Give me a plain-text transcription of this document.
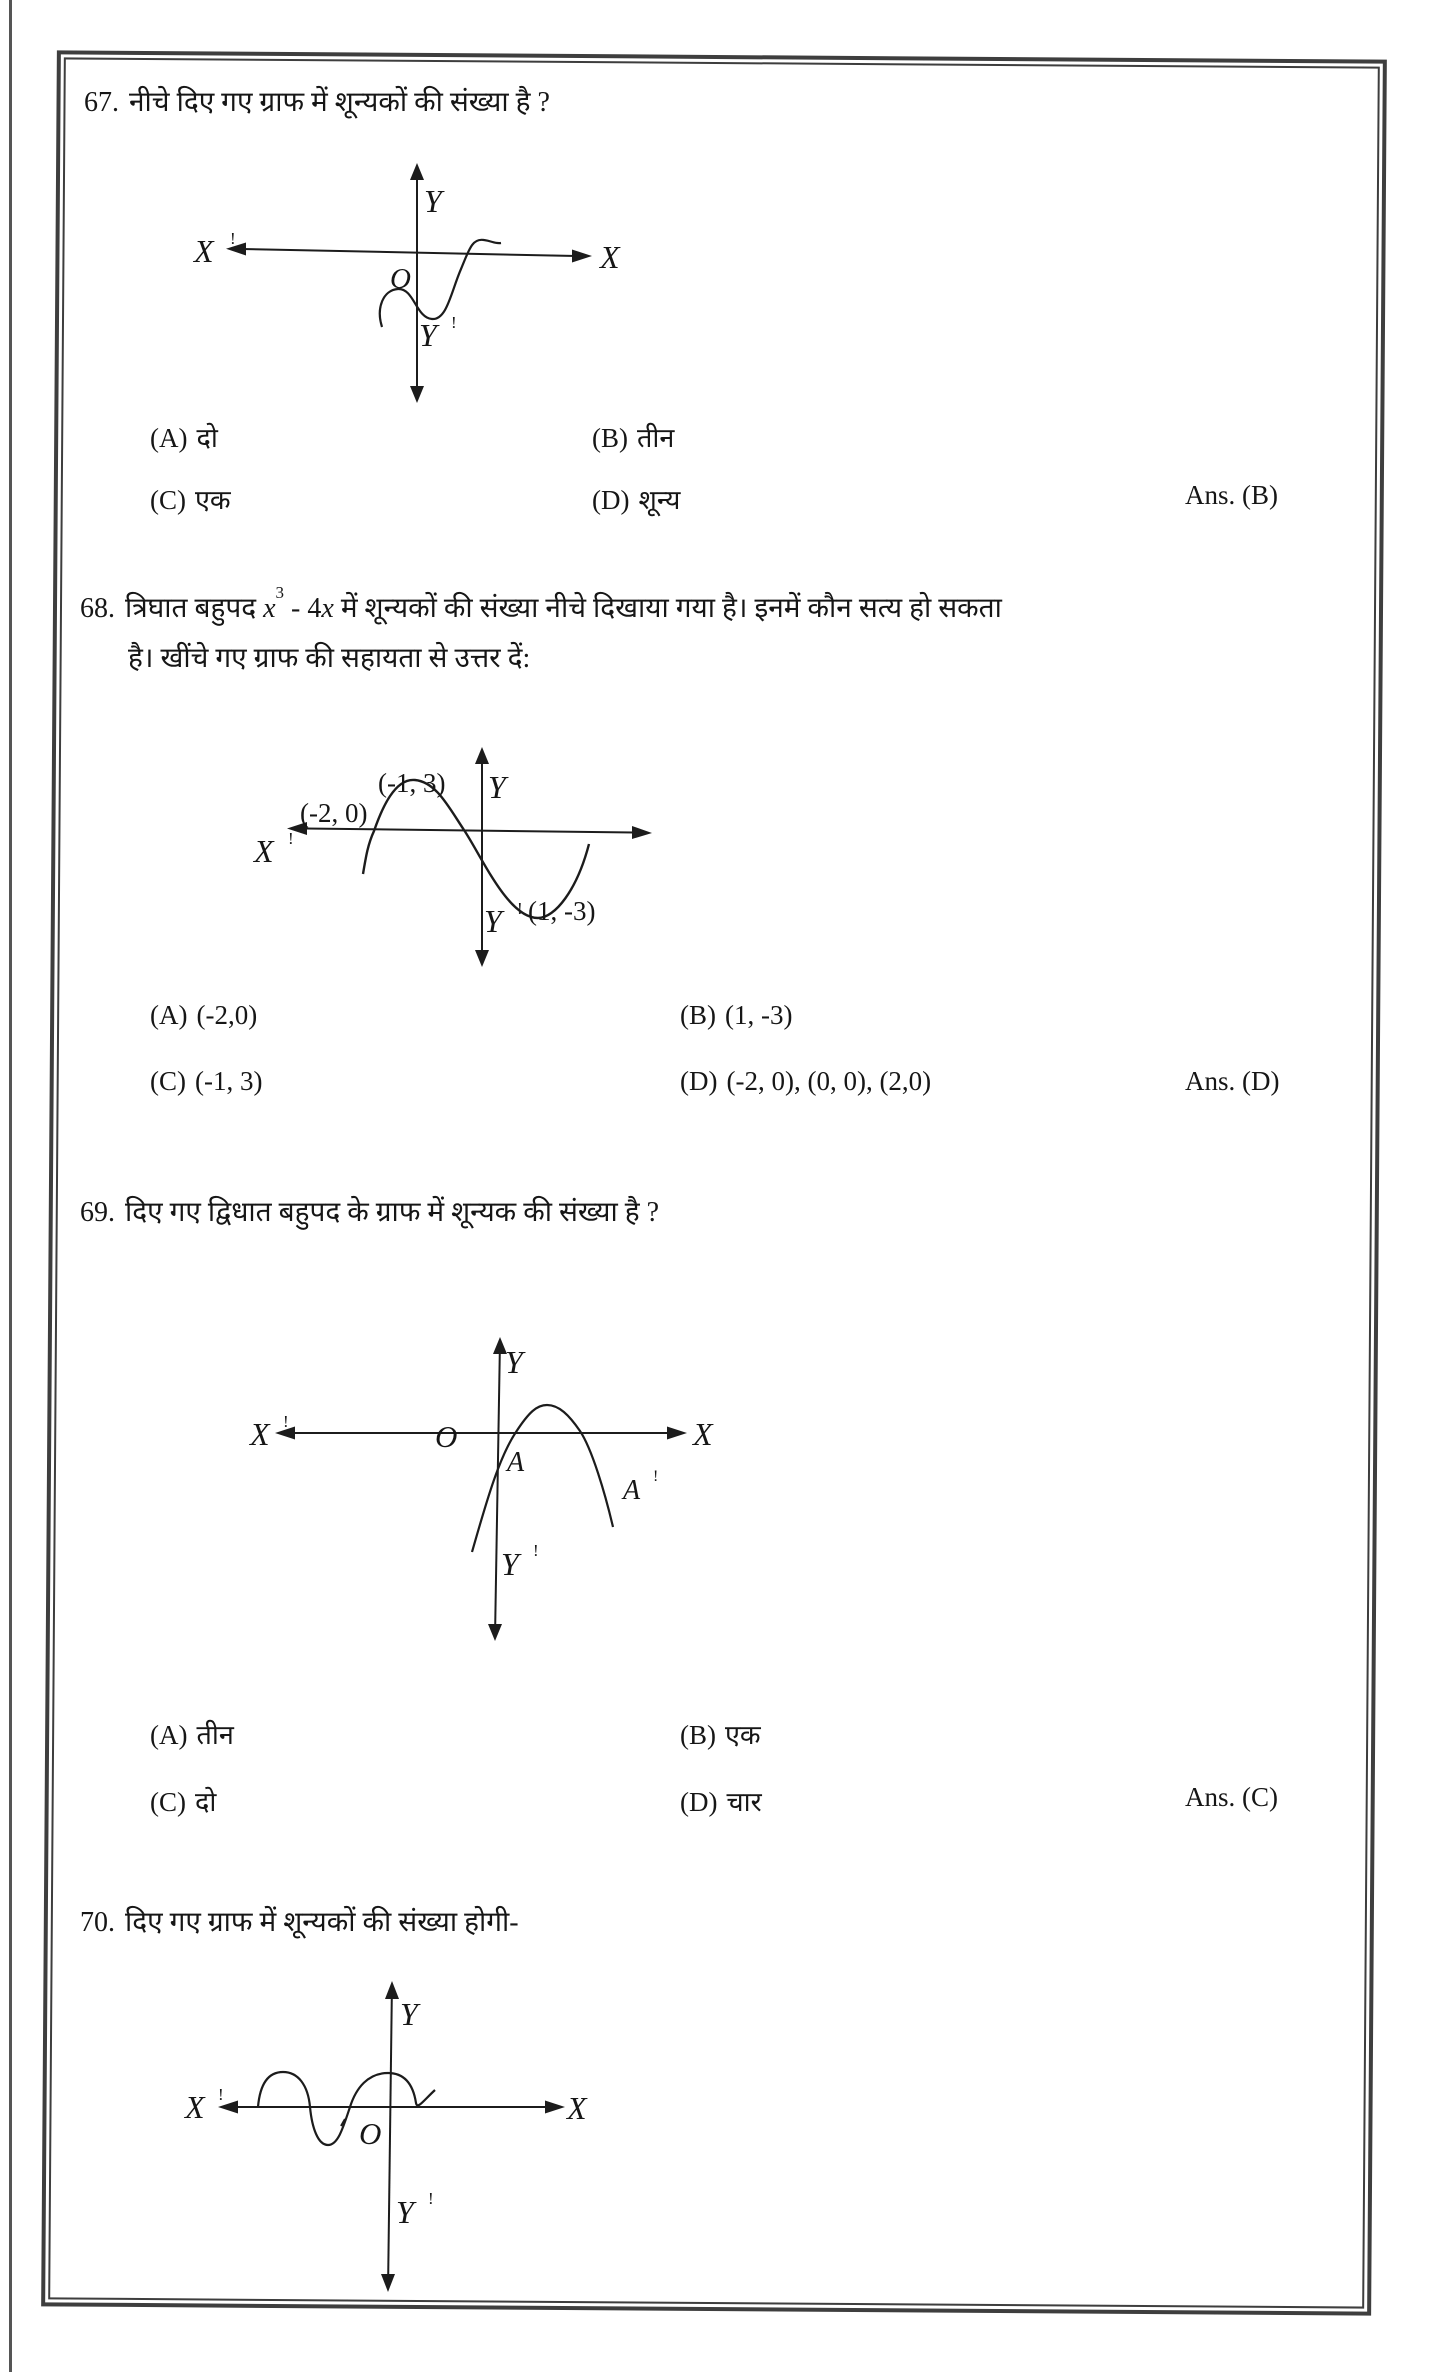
67. नीचे दिए गए ग्राफ में शून्यकों की संख्या है ?
Y
X !
X
O
Y !
(A) दो	(B) तीन
(C) एक	(D) शून्य	Ans. (B)
68. त्रिघात बहुपद $x^3 - 4x$ में शून्यकों की संख्या नीचे दिखाया गया है। इनमें कौन सत्य हो सकता
है। खींचे गए ग्राफ की सहायता से उत्तर दें:
Y
X !
Y !
(-2, 0)
(-1, 3)
(1, -3)
(A) (-2,0)	(B) (1, -3)
(C) (-1, 3)	(D) (-2, 0), (0, 0), (2,0)	Ans. (D)
69. दिए गए द्विधात बहुपद के ग्राफ में शून्यक की संख्या है ?
Y
X !	X
O
A
A !
Y !
(A) तीन	(B) एक
(C) दो	(D) चार	Ans. (C)
70. दिए गए ग्राफ में शून्यकों की संख्या होगी-
Y
X !	X
O
Y !
